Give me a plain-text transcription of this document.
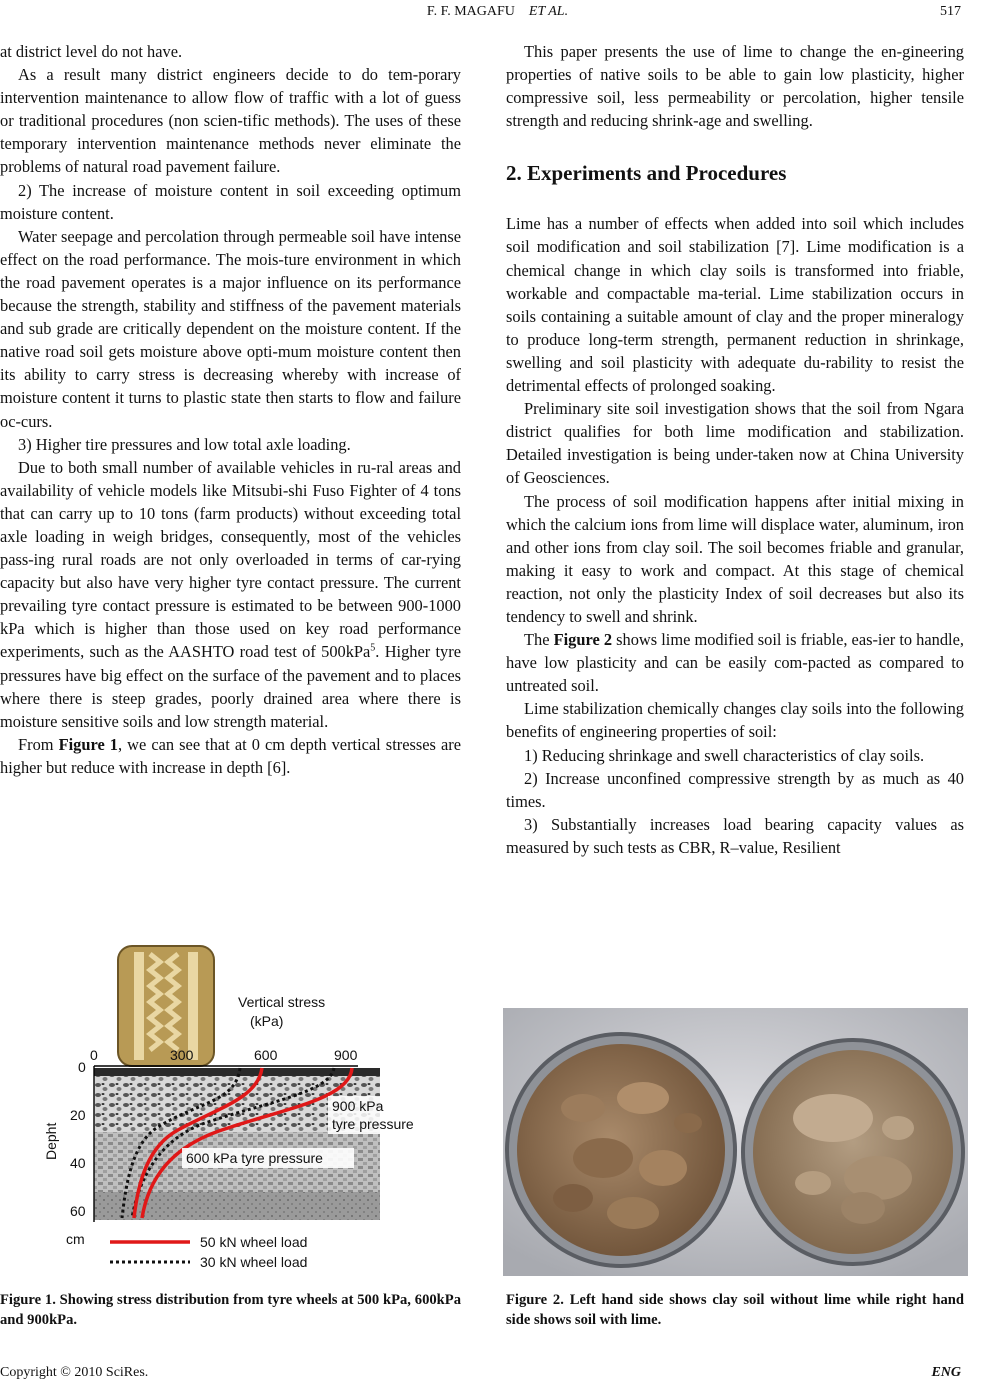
F. F. MAGAFU ET AL.	517

at district level do not have.

As a result many district engineers decide to do tem-porary intervention maintenance to allow flow of traffic with a lot of guess or traditional procedures (non scien-tific methods). The uses of these temporary intervention maintenance methods never eliminate the problems of natural road pavement failure.

2) The increase of moisture content in soil exceeding optimum moisture content.

Water seepage and percolation through permeable soil have intense effect on the road performance. The mois-ture environment in which the road pavement operates is a major influence on its performance because the strength, stability and stiffness of the pavement materials and sub grade are critically dependent on the moisture content. If the native road soil gets moisture above opti-mum moisture content then its ability to carry stress is decreasing whereby with increase of moisture content it turns to plastic state then starts to flow and failure oc-curs.

3) Higher tire pressures and low total axle loading.

Due to both small number of available vehicles in ru-ral areas and availability of vehicle models like Mitsubi-shi Fuso Fighter of 4 tons that can carry up to 10 tons (farm products) without exceeding total axle loading in weigh bridges, consequently, most of the vehicles pass-ing rural roads are not only overloaded in terms of car-rying capacity but also have very higher tyre contact pressure. The current prevailing tyre contact pressure is estimated to be between 900-1000 kPa which is higher than those used on key road performance experiments, such as the AASHTO road test of 500kPa$^5$. Higher tyre pressures have big effect on the surface of the pavement and to places where there is steep grades, poorly drained area where there is moisture sensitive soils and low strength material.

From Figure 1, we can see that at 0 cm depth vertical stresses are higher but reduce with increase in depth [6].

This paper presents the use of lime to change the en-gineering properties of native soils to be able to gain low plasticity, higher compressive soil, less permeability or percolation, higher tensile strength and reducing shrink-age and swelling.

2. Experiments and Procedures

Lime has a number of effects when added into soil which includes soil modification and soil stabilization [7]. Lime modification is a chemical change in which clay soils is transformed into friable, workable and compactable ma-terial. Lime stabilization occurs in soils containing a suitable amount of clay and the proper mineralogy to produce long-term strength, permanent reduction in shrinkage, swelling and soil plasticity with adequate du-rability to resist the detrimental effects of prolonged soaking.

Preliminary site soil investigation shows that the soil from Ngara district qualifies for both lime modification and stabilization. Detailed investigation is being under-taken now at China University of Geosciences.

The process of soil modification happens after initial mixing in which the calcium ions from lime will displace water, aluminum, iron and other ions from clay soil. The soil becomes friable and granular, making it easy to work and compact. At this stage of chemical reaction, not only the plasticity Index of soil decreases but also its tendency to swell and shrink.

The Figure 2 shows lime modified soil is friable, eas-ier to handle, have low plasticity and can be easily com-pacted as compared to untreated soil.

Lime stabilization chemically changes clay soils into the following benefits of engineering properties of soil:

1) Reducing shrinkage and swell characteristics of clay soils.

2) Increase unconfined compressive strength by as much as 40 times.

3) Substantially increases load bearing capacity values as measured by such tests as CBR, R–value, Resilient

Vertical stress
(kPa)
0	300	600	900
0
20
40
60
Depht
cm
900 kPa
tyre pressure
600 kPa tyre pressure
50 kN wheel load
30 kN wheel load
Figure 1. Showing stress distribution from tyre wheels at 500 kPa, 600kPa and 900kPa.
Figure 2. Left hand side shows clay soil without lime while right hand side shows soil with lime.
Copyright © 2010 SciRes.	ENG
